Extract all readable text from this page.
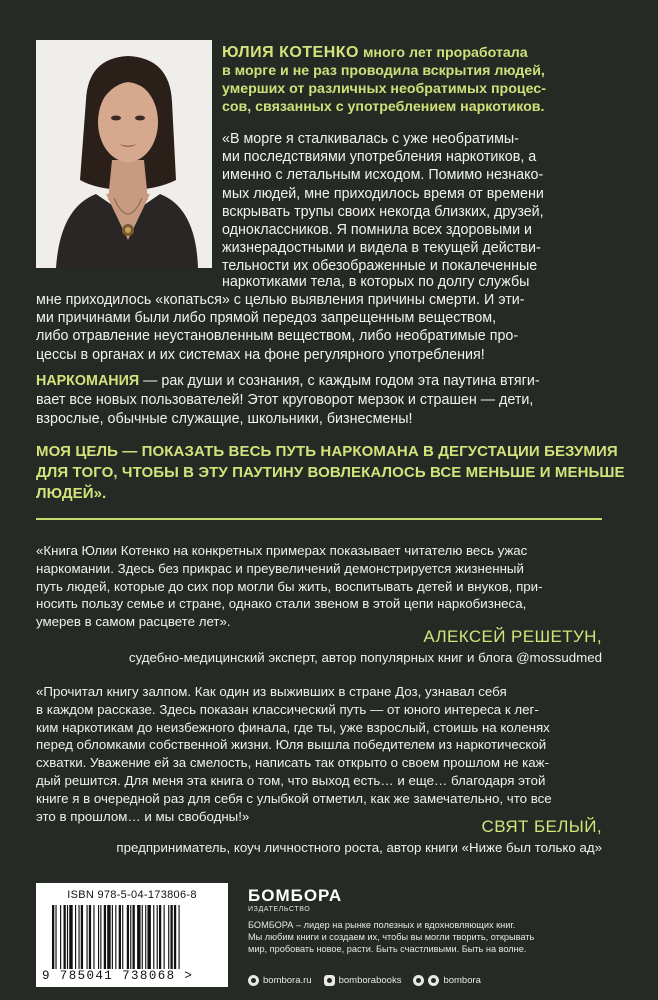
ЮЛИЯ КОТЕНКО много лет проработала
в морге и не раз проводила вскрытия людей,
умерших от различных необратимых процес-
сов, связанных с употреблением наркотиков.
«В морге я сталкивалась с уже необратимы-
ми последствиями употребления наркотиков, а
именно с летальным исходом. Помимо незнако-
мых людей, мне приходилось время от времени
вскрывать трупы своих некогда близких, друзей,
одноклассников. Я помнила всех здоровыми и
жизнерадостными и видела в текущей действи-
тельности их обезображенные и покалеченные
наркотиками тела, в которых по долгу службы
мне приходилось «копаться» с целью выявления причины смерти. И эти-
ми причинами были либо прямой передоз запрещенным веществом,
либо отравление неустановленным веществом, либо необратимые про-
цессы в органах и их системах на фоне регулярного употребления!
НАРКОМАНИЯ — рак души и сознания, с каждым годом эта паутина втяги-
вает все новых пользователей! Этот круговорот мерзок и страшен — дети,
взрослые, обычные служащие, школьники, бизнесмены!
МОЯ ЦЕЛЬ — ПОКАЗАТЬ ВЕСЬ ПУТЬ НАРКОМАНА В ДЕГУСТАЦИИ БЕЗУМИЯ
ДЛЯ ТОГО, ЧТОБЫ В ЭТУ ПАУТИНУ ВОВЛЕКАЛОСЬ ВСЕ МЕНЬШЕ И МЕНЬШЕ
ЛЮДЕЙ».
«Книга Юлии Котенко на конкретных примерах показывает читателю весь ужас
наркомании. Здесь без прикрас и преувеличений демонстрируется жизненный
путь людей, которые до сих пор могли бы жить, воспитывать детей и внуков, при-
носить пользу семье и стране, однако стали звеном в этой цепи наркобизнеса,
умерев в самом расцвете лет».
АЛЕКСЕЙ РЕШЕТУН,
судебно-медицинский эксперт, автор популярных книг и блога @mossudmed
«Прочитал книгу залпом. Как один из выживших в стране Доз, узнавал себя
в каждом рассказе. Здесь показан классический путь — от юного интереса к лег-
ким наркотикам до неизбежного финала, где ты, уже взрослый, стоишь на коленях
перед обломками собственной жизни. Юля вышла победителем из наркотической
схватки. Уважение ей за смелость, написать так открыто о своем прошлом не каж-
дый решится. Для меня эта книга о том, что выход есть… и еще… благодаря этой
книге я в очередной раз для себя с улыбкой отметил, как же замечательно, что все
это в прошлом… и мы свободны!»
СВЯТ БЕЛЫЙ,
предприниматель, коуч личностного роста, автор книги «Ниже был только ад»
ISBN 978-5-04-173806-8
9 785041 738068 >
БОМБОРА
ИЗДАТЕЛЬСТВО
БОМБОРА – лидер на рынке полезных и вдохновляющих книг.
Мы любим книги и создаем их, чтобы вы могли творить, открывать
мир, пробовать новое, расти. Быть счастливыми. Быть на волне.
bombora.ru	bomborabooks	bombora
